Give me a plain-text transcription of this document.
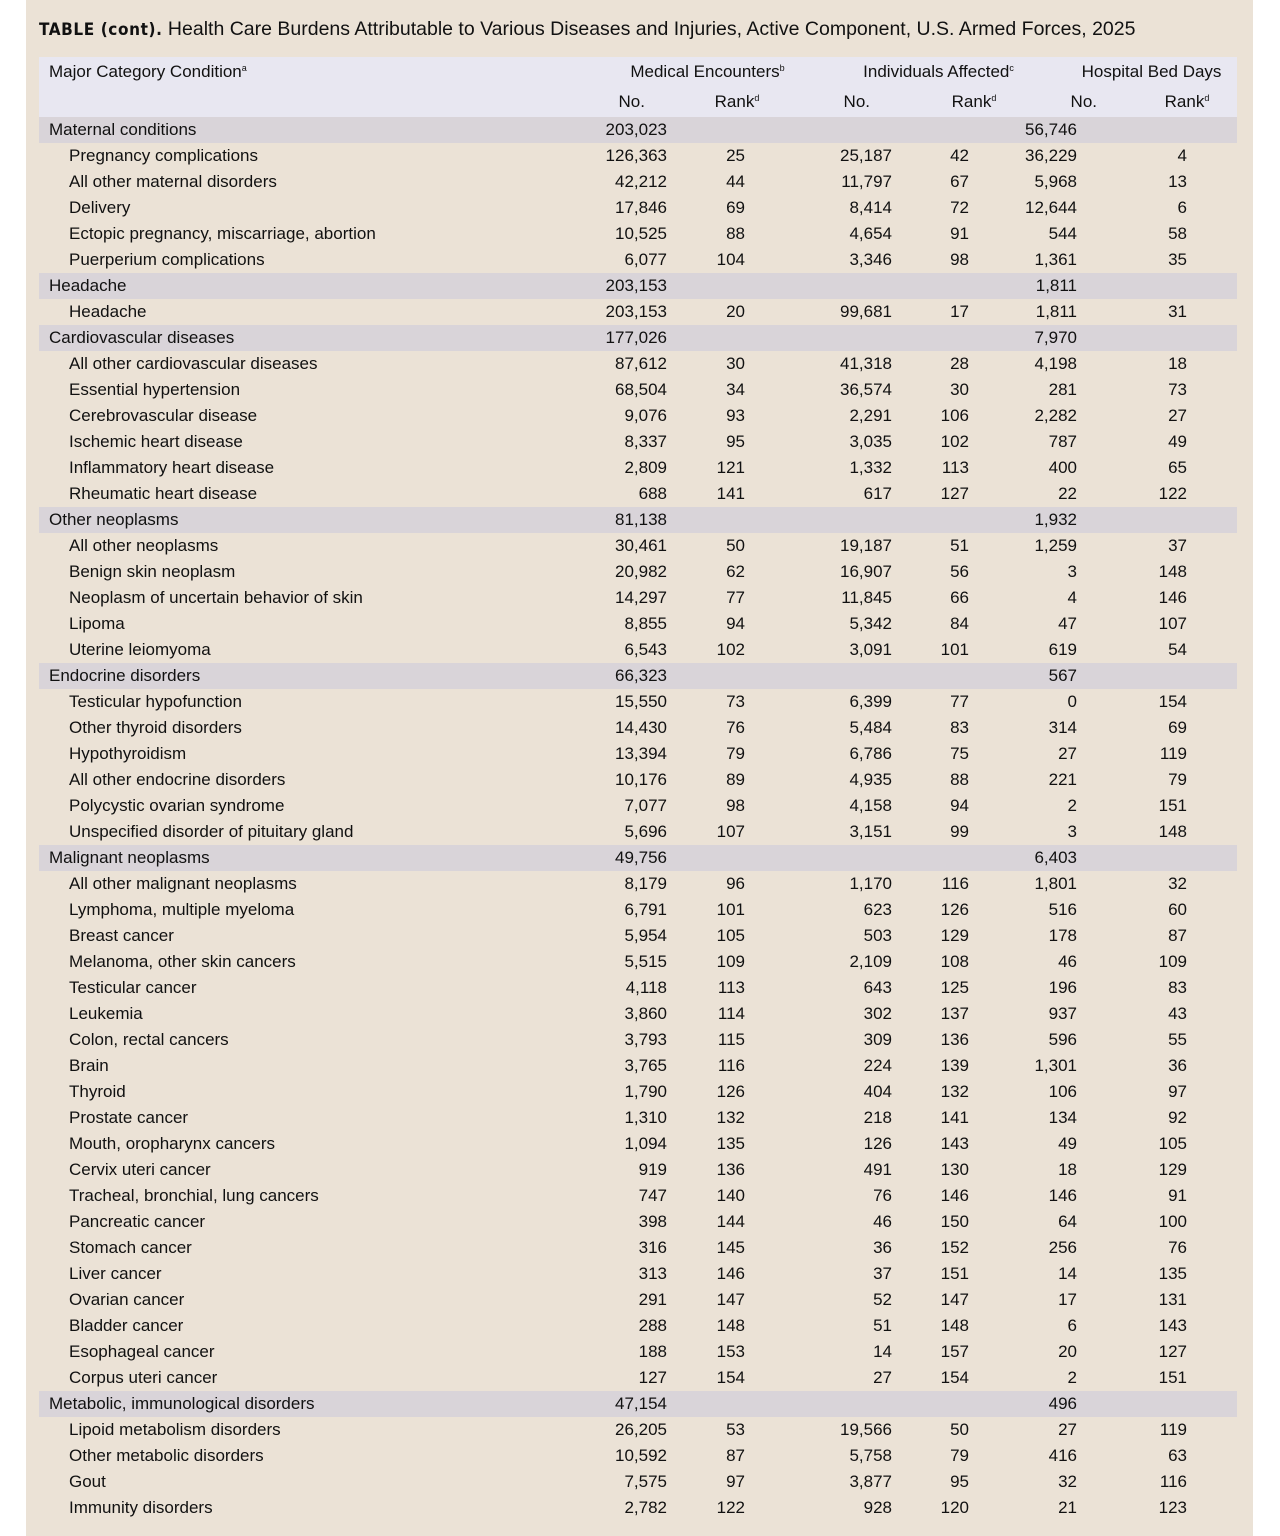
TABLE (cont). Health Care Burdens Attributable to Various Diseases and Injuries, Active Component, U.S. Armed Forces, 2025
Major Category Condition$^a$	Medical Encounters$^b$		Individuals Affected$^c$		Hospital Bed Days	
	No.	Rank$^d$	No.	Rank$^d$	No.	Rank$^d$
Maternal conditions	203,023				56,746	
Pregnancy complications	126,363	25	25,187	42	36,229	4
All other maternal disorders	42,212	44	11,797	67	5,968	13
Delivery	17,846	69	8,414	72	12,644	6
Ectopic pregnancy, miscarriage, abortion	10,525	88	4,654	91	544	58
Puerperium complications	6,077	104	3,346	98	1,361	35
Headache	203,153				1,811	
Headache	203,153	20	99,681	17	1,811	31
Cardiovascular diseases	177,026				7,970	
All other cardiovascular diseases	87,612	30	41,318	28	4,198	18
Essential hypertension	68,504	34	36,574	30	281	73
Cerebrovascular disease	9,076	93	2,291	106	2,282	27
Ischemic heart disease	8,337	95	3,035	102	787	49
Inflammatory heart disease	2,809	121	1,332	113	400	65
Rheumatic heart disease	688	141	617	127	22	122
Other neoplasms	81,138				1,932	
All other neoplasms	30,461	50	19,187	51	1,259	37
Benign skin neoplasm	20,982	62	16,907	56	3	148
Neoplasm of uncertain behavior of skin	14,297	77	11,845	66	4	146
Lipoma	8,855	94	5,342	84	47	107
Uterine leiomyoma	6,543	102	3,091	101	619	54
Endocrine disorders	66,323				567	
Testicular hypofunction	15,550	73	6,399	77	0	154
Other thyroid disorders	14,430	76	5,484	83	314	69
Hypothyroidism	13,394	79	6,786	75	27	119
All other endocrine disorders	10,176	89	4,935	88	221	79
Polycystic ovarian syndrome	7,077	98	4,158	94	2	151
Unspecified disorder of pituitary gland	5,696	107	3,151	99	3	148
Malignant neoplasms	49,756				6,403	
All other malignant neoplasms	8,179	96	1,170	116	1,801	32
Lymphoma, multiple myeloma	6,791	101	623	126	516	60
Breast cancer	5,954	105	503	129	178	87
Melanoma, other skin cancers	5,515	109	2,109	108	46	109
Testicular cancer	4,118	113	643	125	196	83
Leukemia	3,860	114	302	137	937	43
Colon, rectal cancers	3,793	115	309	136	596	55
Brain	3,765	116	224	139	1,301	36
Thyroid	1,790	126	404	132	106	97
Prostate cancer	1,310	132	218	141	134	92
Mouth, oropharynx cancers	1,094	135	126	143	49	105
Cervix uteri cancer	919	136	491	130	18	129
Tracheal, bronchial, lung cancers	747	140	76	146	146	91
Pancreatic cancer	398	144	46	150	64	100
Stomach cancer	316	145	36	152	256	76
Liver cancer	313	146	37	151	14	135
Ovarian cancer	291	147	52	147	17	131
Bladder cancer	288	148	51	148	6	143
Esophageal cancer	188	153	14	157	20	127
Corpus uteri cancer	127	154	27	154	2	151
Metabolic, immunological disorders	47,154				496	
Lipoid metabolism disorders	26,205	53	19,566	50	27	119
Other metabolic disorders	10,592	87	5,758	79	416	63
Gout	7,575	97	3,877	95	32	116
Immunity disorders	2,782	122	928	120	21	123
